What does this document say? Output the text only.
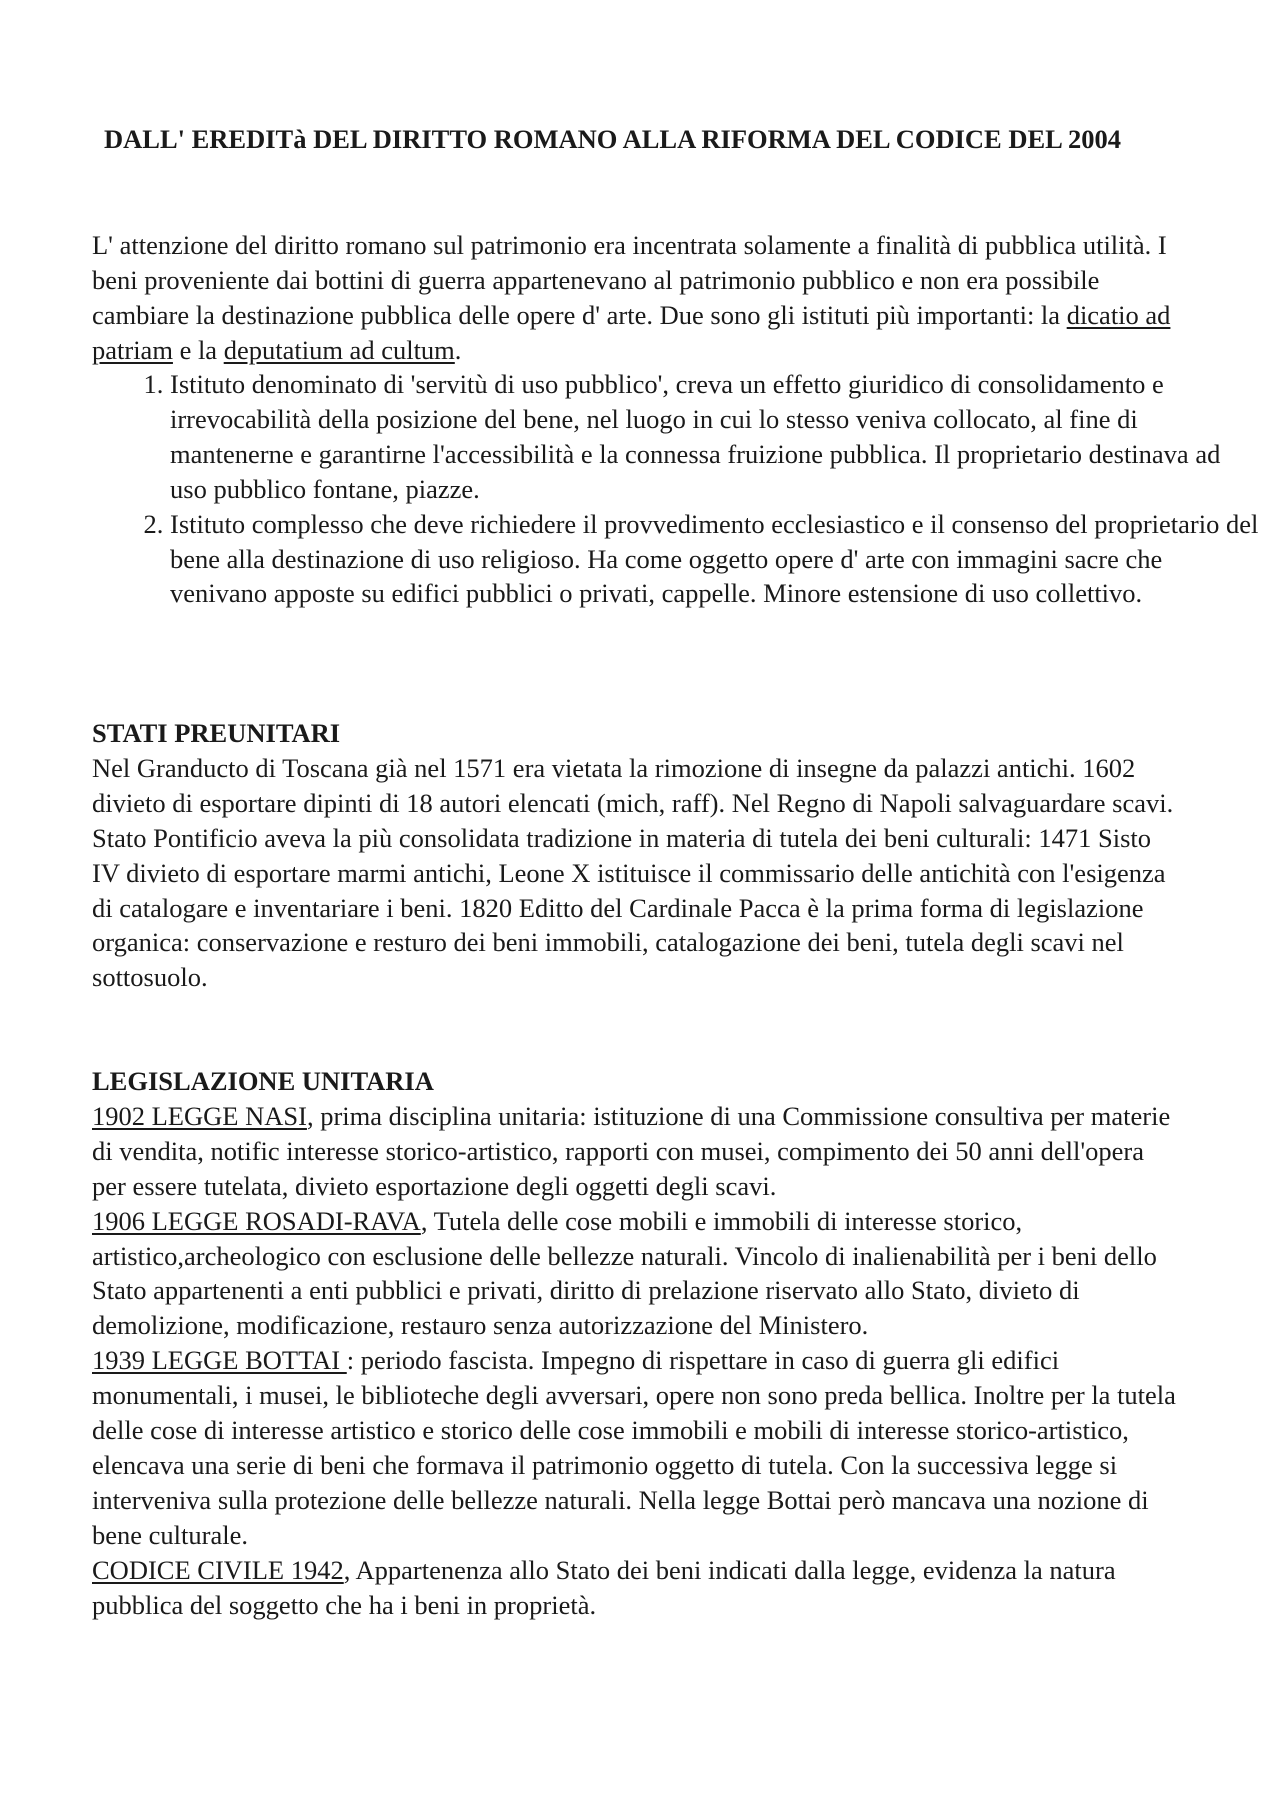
DALL' EREDITà DEL DIRITTO ROMANO ALLA RIFORMA DEL CODICE DEL 2004

L' attenzione del diritto romano sul patrimonio era incentrata solamente a finalità di pubblica utilità. I beni proveniente dai bottini di guerra appartenevano al patrimonio pubblico e non era possibile cambiare la destinazione pubblica delle opere d' arte. Due sono gli istituti più importanti: la dicatio ad patriam e la deputatium ad cultum.

1. Istituto denominato di 'servitù di uso pubblico', creva un effetto giuridico di consolidamento e irrevocabilità della posizione del bene, nel luogo in cui lo stesso veniva collocato, al fine di mantenerne e garantirne l'accessibilità e la connessa fruizione pubblica. Il proprietario destinava ad uso pubblico fontane, piazze.
2. Istituto complesso che deve richiedere il provvedimento ecclesiastico e il consenso del proprietario del bene alla destinazione di uso religioso. Ha come oggetto opere d' arte con immagini sacre che venivano apposte su edifici pubblici o privati, cappelle. Minore estensione di uso collettivo.
STATI PREUNITARI
Nel Granducto di Toscana già nel 1571 era vietata la rimozione di insegne da palazzi antichi. 1602 divieto di esportare dipinti di 18 autori elencati (mich, raff). Nel Regno di Napoli salvaguardare scavi. Stato Pontificio aveva la più consolidata tradizione in materia di tutela dei beni culturali: 1471 Sisto IV divieto di esportare marmi antichi, Leone X istituisce il commissario delle antichità con l'esigenza di catalogare e inventariare i beni. 1820 Editto del Cardinale Pacca è la prima forma di legislazione organica: conservazione e resturo dei beni immobili, catalogazione dei beni, tutela degli scavi nel sottosuolo.
LEGISLAZIONE UNITARIA
1902 LEGGE NASI, prima disciplina unitaria: istituzione di una Commissione consultiva per materie di vendita, notific interesse storico-artistico, rapporti con musei, compimento dei 50 anni dell'opera per essere tutelata, divieto esportazione degli oggetti degli scavi.
1906 LEGGE ROSADI-RAVA, Tutela delle cose mobili e immobili di interesse storico, artistico,archeologico con esclusione delle bellezze naturali. Vincolo di inalienabilità per i beni dello Stato appartenenti a enti pubblici e privati, diritto di prelazione riservato allo Stato, divieto di demolizione, modificazione, restauro senza autorizzazione del Ministero.
1939 LEGGE BOTTAI : periodo fascista. Impegno di rispettare in caso di guerra gli edifici monumentali, i musei, le biblioteche degli avversari, opere non sono preda bellica. Inoltre per la tutela delle cose di interesse artistico e storico delle cose immobili e mobili di interesse storico-artistico, elencava una serie di beni che formava il patrimonio oggetto di tutela. Con la successiva legge si interveniva sulla protezione delle bellezze naturali. Nella legge Bottai però mancava una nozione di bene culturale.
CODICE CIVILE 1942, Appartenenza allo Stato dei beni indicati dalla legge, evidenza la natura pubblica del soggetto che ha i beni in proprietà.
